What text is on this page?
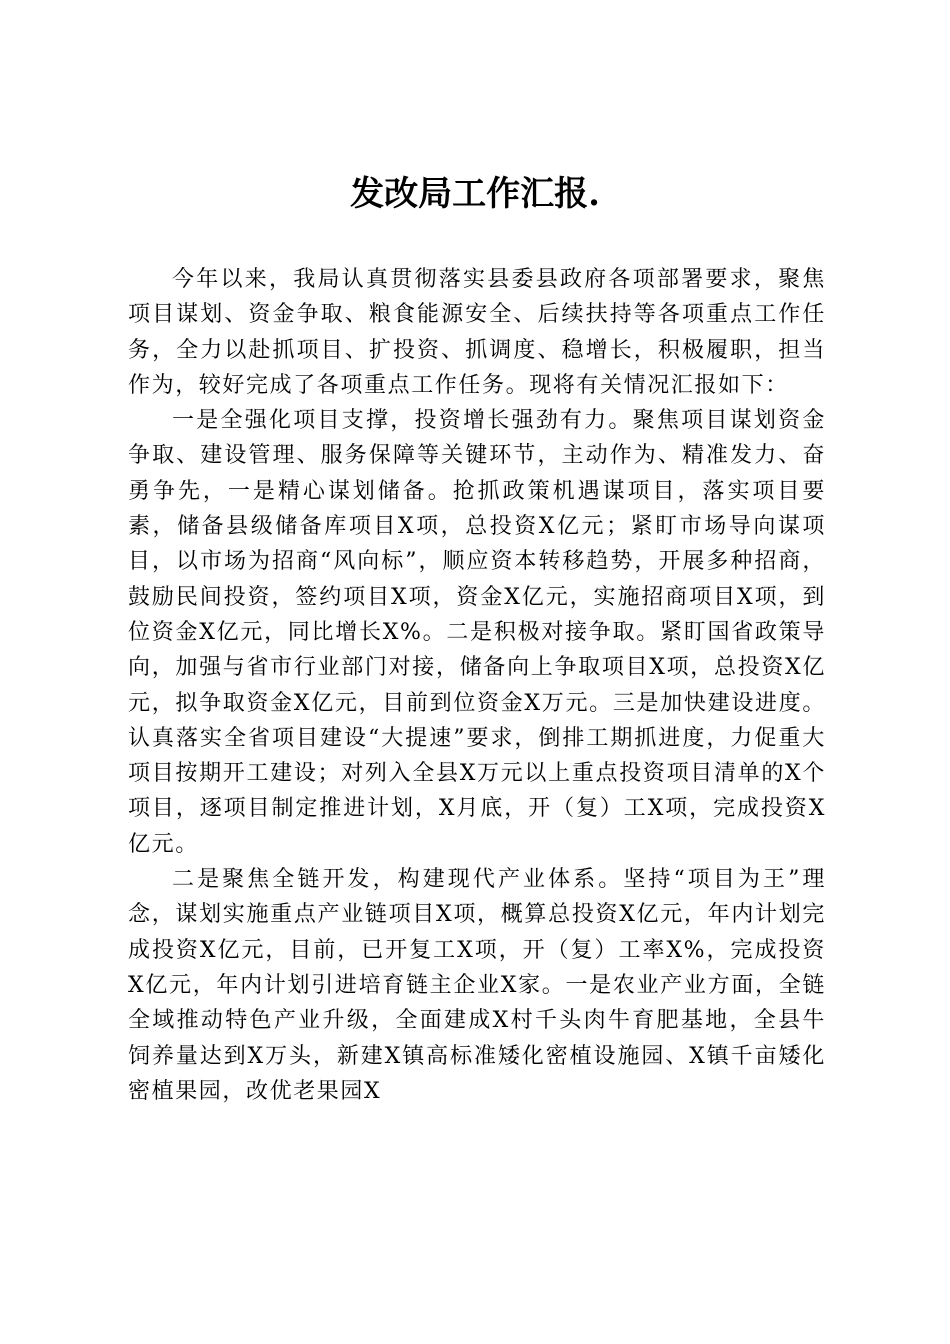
发改局工作汇报.

今年以来，我局认真贯彻落实县委县政府各项部署要求，聚焦项目谋划、资金争取、粮食能源安全、后续扶持等各项重点工作任务，全力以赴抓项目、扩投资、抓调度、稳增长，积极履职，担当作为，较好完成了各项重点工作任务。现将有关情况汇报如下：

一是全强化项目支撑，投资增长强劲有力。聚焦项目谋划资金争取、建设管理、服务保障等关键环节，主动作为、精准发力、奋勇争先，一是精心谋划储备。抢抓政策机遇谋项目，落实项目要素，储备县级储备库项目X项，总投资X亿元；紧盯市场导向谋项目，以市场为招商“风向标”，顺应资本转移趋势，开展多种招商，鼓励民间投资，签约项目X项，资金X亿元，实施招商项目X项，到位资金X亿元，同比增长X%。二是积极对接争取。紧盯国省政策导向，加强与省市行业部门对接，储备向上争取项目X项，总投资X亿元，拟争取资金X亿元，目前到位资金X万元。三是加快建设进度。认真落实全省项目建设“大提速”要求，倒排工期抓进度，力促重大项目按期开工建设；对列入全县X万元以上重点投资项目清单的X个项目，逐项目制定推进计划，X月底，开（复）工X项，完成投资X亿元。

二是聚焦全链开发，构建现代产业体系。坚持“项目为王”理念，谋划实施重点产业链项目X项，概算总投资X亿元，年内计划完成投资X亿元，目前，已开复工X项，开（复）工率X%，完成投资X亿元，年内计划引进培育链主企业X家。一是农业产业方面，全链全域推动特色产业升级，全面建成X村千头肉牛育肥基地，全县牛饲养量达到X万头，新建X镇高标准矮化密植设施园、X镇千亩矮化密植果园，改优老果园X
